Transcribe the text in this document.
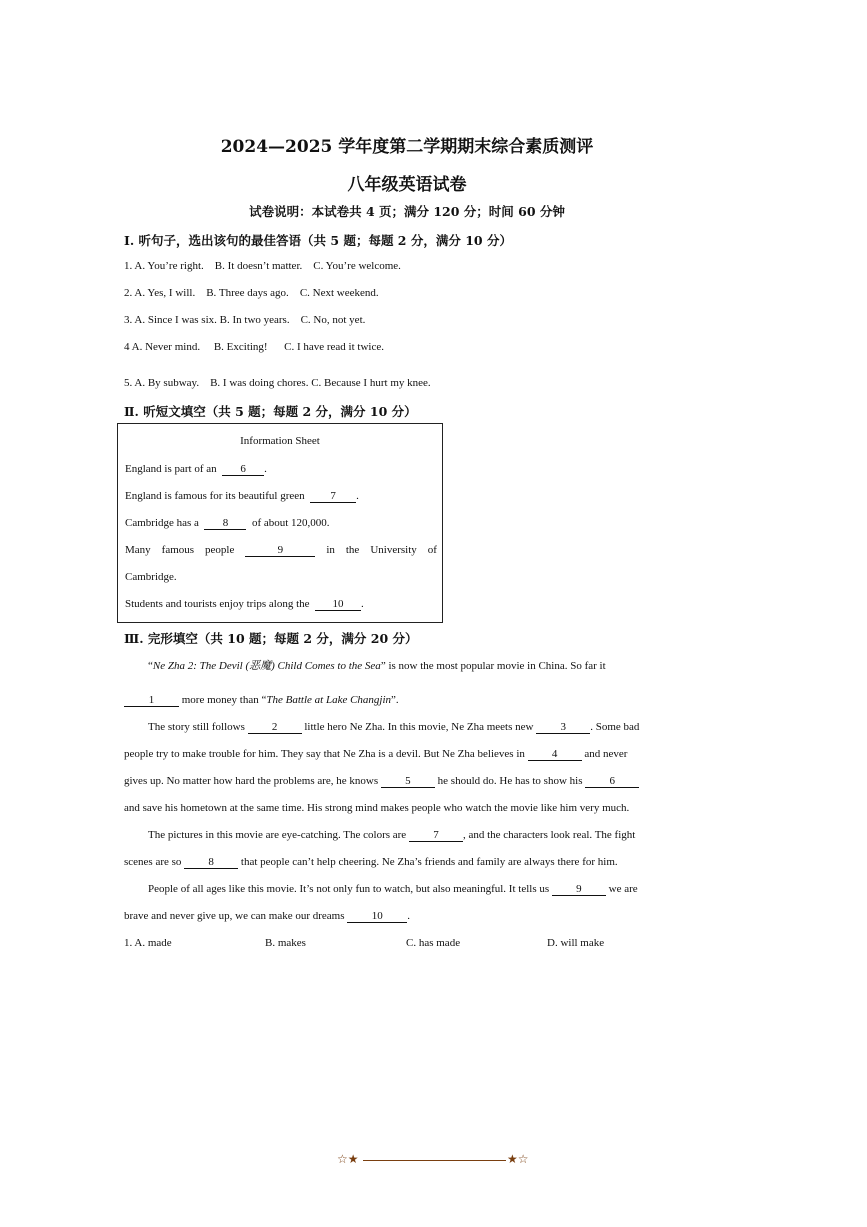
2024—2025 学年度第二学期期末综合素质测评
八年级英语试卷
试卷说明：本试卷共 4 页；满分 120 分；时间 60 分钟
Ⅰ. 听句子，选出该句的最佳答语（共 5 题；每题 2 分，满分 10 分）
1. A. You’re right. B. It doesn’t matter. C. You’re welcome.
2. A. Yes, I will. B. Three days ago. C. Next weekend.
3. A. Since I was six. B. In two years. C. No, not yet.
4 A. Never mind. B. Exciting! C. I have read it twice.
5. A. By subway. B. I was doing chores. C. Because I hurt my knee.
Ⅱ. 听短文填空（共 5 题；每题 2 分，满分 10 分）
Information Sheet
England is part of an 6 .
England is famous for its beautiful green 7 .
Cambridge has a 8 of about 120,000.
Many famous people	9	in the University of
Cambridge.
Students and tourists enjoy trips along the 10 .
Ⅲ. 完形填空（共 10 题；每题 2 分，满分 20 分）
“Ne Zha 2: The Devil (恶魔) Child Comes to the Sea” is now the most popular movie in China. So far it
1	more money than “The Battle at Lake Changjin”.
The story still follows 2 little hero Ne Zha. In this movie, Ne Zha meets new 3 . Some bad
people try to make trouble for him. They say that Ne Zha is a devil. But Ne Zha believes in 4 and never
gives up. No matter how hard the problems are, he knows 5 he should do. He has to show his 6
and save his hometown at the same time. His strong mind makes people who watch the movie like him very much.
The pictures in this movie are eye-catching. The colors are 7 , and the characters look real. The fight
scenes are so 8 that people can’t help cheering. Ne Zha’s friends and family are always there for him.
People of all ages like this movie. It’s not only fun to watch, but also meaningful. It tells us 9 we are
brave and never give up, we can make our dreams 10 .
1. A. made	B. makes	C. has made	D. will make
☆★	★☆
